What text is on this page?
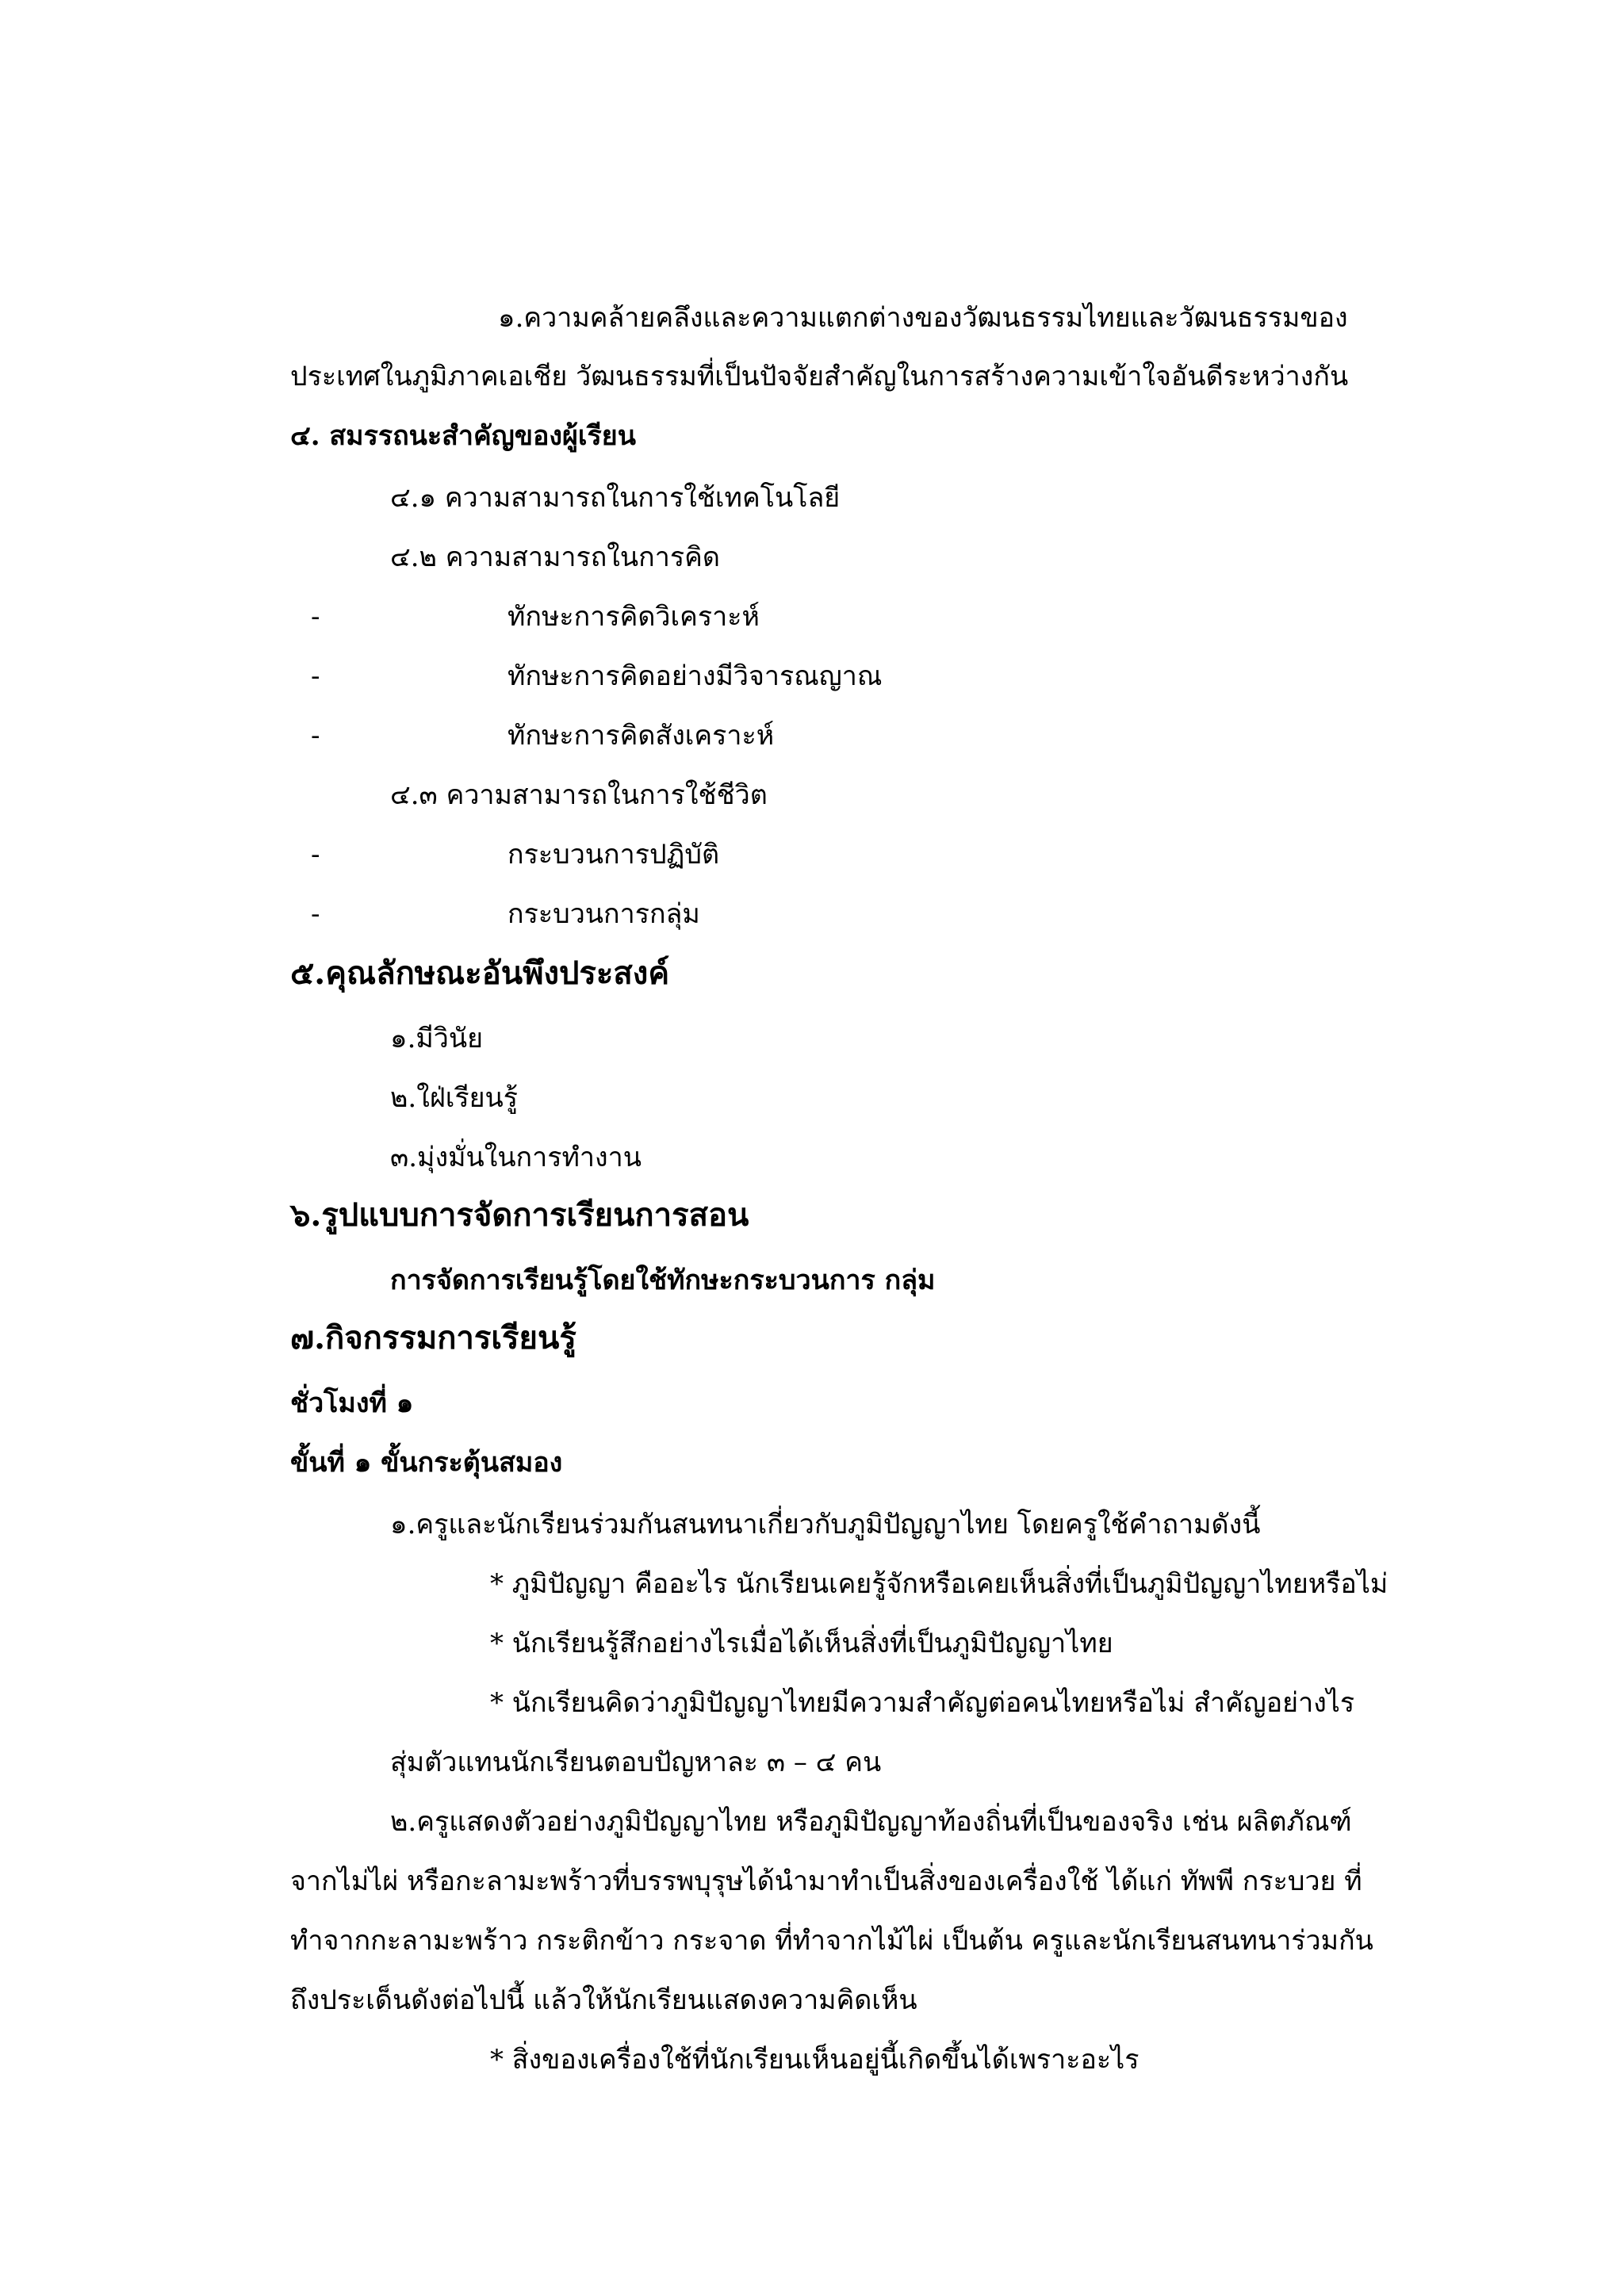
๑.ความคล้ายคลึงและความแตกต่างของวัฒนธรรมไทยและวัฒนธรรมของ
ประเทศในภูมิภาคเอเชีย วัฒนธรรมที่เป็นปัจจัยสำคัญในการสร้างความเข้าใจอันดีระหว่างกัน
๔. สมรรถนะสำคัญของผู้เรียน
๔.๑ ความสามารถในการใช้เทคโนโลยี
๔.๒ ความสามารถในการคิด
-	ทักษะการคิดวิเคราะห์
-	ทักษะการคิดอย่างมีวิจารณญาณ
-	ทักษะการคิดสังเคราะห์
๔.๓ ความสามารถในการใช้ชีวิต
-	กระบวนการปฏิบัติ
-	กระบวนการกลุ่ม
๕.คุณลักษณะอันพึงประสงค์
๑.มีวินัย
๒.ใฝ่เรียนรู้
๓.มุ่งมั่นในการทำงาน
๖.รูปแบบการจัดการเรียนการสอน
การจัดการเรียนรู้โดยใช้ทักษะกระบวนการ กลุ่ม
๗.กิจกรรมการเรียนรู้
ชั่วโมงที่ ๑
ขั้นที่ ๑ ขั้นกระตุ้นสมอง
๑.ครูและนักเรียนร่วมกันสนทนาเกี่ยวกับภูมิปัญญาไทย โดยครูใช้คำถามดังนี้
* ภูมิปัญญา คืออะไร นักเรียนเคยรู้จักหรือเคยเห็นสิ่งที่เป็นภูมิปัญญาไทยหรือไม่
* นักเรียนรู้สึกอย่างไรเมื่อได้เห็นสิ่งที่เป็นภูมิปัญญาไทย
* นักเรียนคิดว่าภูมิปัญญาไทยมีความสำคัญต่อคนไทยหรือไม่ สำคัญอย่างไร
สุ่มตัวแทนนักเรียนตอบปัญหาละ ๓ – ๔ คน
๒.ครูแสดงตัวอย่างภูมิปัญญาไทย หรือภูมิปัญญาท้องถิ่นที่เป็นของจริง เช่น ผลิตภัณฑ์
จากไม่ไผ่ หรือกะลามะพร้าวที่บรรพบุรุษได้นำมาทำเป็นสิ่งของเครื่องใช้ ได้แก่ ทัพพี กระบวย ที่
ทำจากกะลามะพร้าว กระติกข้าว กระจาด ที่ทำจากไม้ไผ่ เป็นต้น ครูและนักเรียนสนทนาร่วมกัน
ถึงประเด็นดังต่อไปนี้ แล้วให้นักเรียนแสดงความคิดเห็น
* สิ่งของเครื่องใช้ที่นักเรียนเห็นอยู่นี้เกิดขึ้นได้เพราะอะไร
